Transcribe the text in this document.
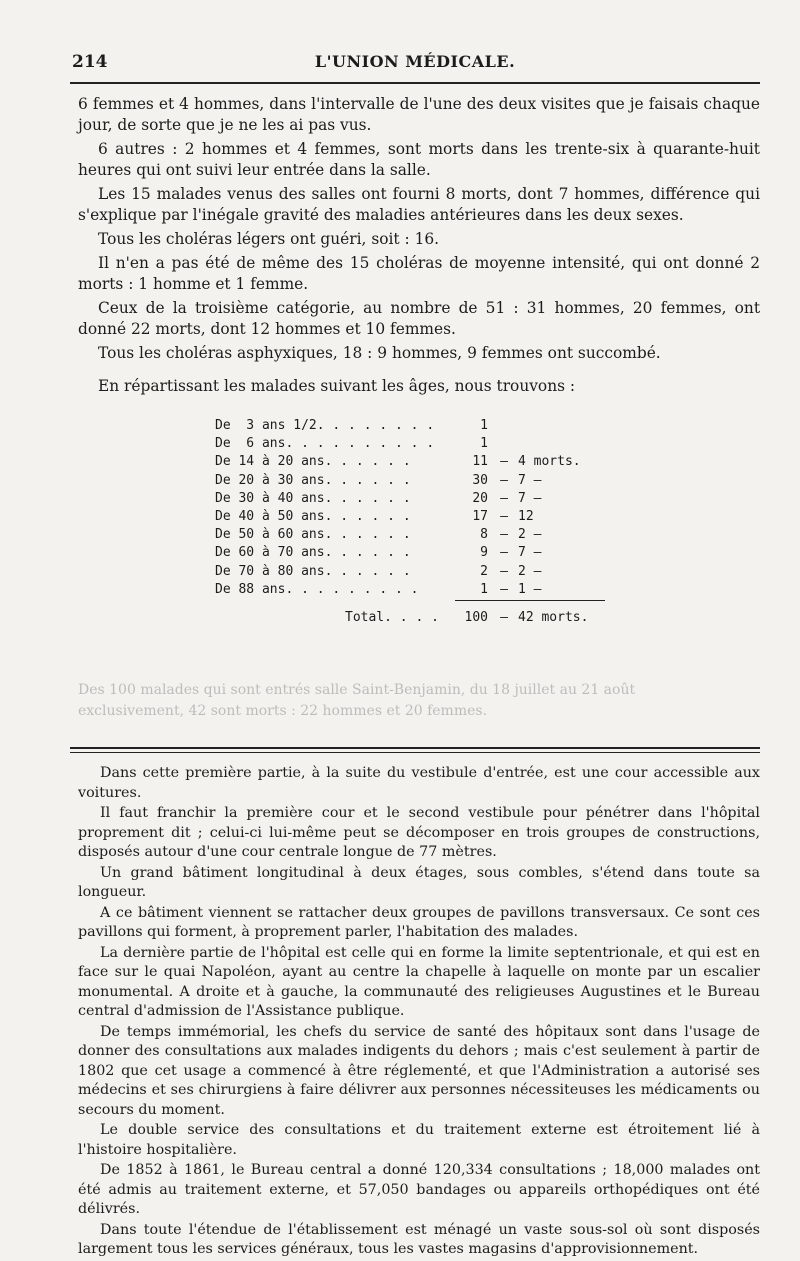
214	L'UNION MÉDICALE.

6 femmes et 4 hommes, dans l'intervalle de l'une des deux visites que je faisais chaque jour, de sorte que je ne les ai pas vus.

6 autres : 2 hommes et 4 femmes, sont morts dans les trente-six à quarante-huit heures qui ont suivi leur entrée dans la salle.

Les 15 malades venus des salles ont fourni 8 morts, dont 7 hommes, différence qui s'explique par l'inégale gravité des maladies antérieures dans les deux sexes.

Tous les choléras légers ont guéri, soit : 16.

Il n'en a pas été de même des 15 choléras de moyenne intensité, qui ont donné 2 morts : 1 homme et 1 femme.

Ceux de la troisième catégorie, au nombre de 51 : 31 hommes, 20 femmes, ont donné 22 morts, dont 12 hommes et 10 femmes.

Tous les choléras asphyxiques, 18 : 9 hommes, 9 femmes ont succombé.

En répartissant les malades suivant les âges, nous trouvons :
De  3 ans 1/2. . . . . . . .	1
De  6 ans. . . . . . . . . .	1
De 14 à 20 ans. . . . . .	11 — 4 morts.
De 20 à 30 ans. . . . . .	30 — 7 —
De 30 à 40 ans. . . . . .	20 — 7 —
De 40 à 50 ans. . . . . .	17 — 12
De 50 à 60 ans. . . . . .	8 — 2 —
De 60 à 70 ans. . . . . .	9 — 7 —
De 70 à 80 ans. . . . . .	2 — 2 —
De 88 ans. . . . . . . . .	1 — 1 —
Total. . . .	100 — 42 morts.

Des 100 malades qui sont entrés salle Saint-Benjamin, du 18 juillet au 21 août

exclusivement, 42 sont morts : 22 hommes et 20 femmes.

Dans cette première partie, à la suite du vestibule d'entrée, est une cour accessible aux voitures.

Il faut franchir la première cour et le second vestibule pour pénétrer dans l'hôpital proprement dit ; celui-ci lui-même peut se décomposer en trois groupes de constructions, disposés autour d'une cour centrale longue de 77 mètres.

Un grand bâtiment longitudinal à deux étages, sous combles, s'étend dans toute sa longueur.

A ce bâtiment viennent se rattacher deux groupes de pavillons transversaux. Ce sont ces pavillons qui forment, à proprement parler, l'habitation des malades.

La dernière partie de l'hôpital est celle qui en forme la limite septentrionale, et qui est en face sur le quai Napoléon, ayant au centre la chapelle à laquelle on monte par un escalier monumental. A droite et à gauche, la communauté des religieuses Augustines et le Bureau central d'admission de l'Assistance publique.

De temps immémorial, les chefs du service de santé des hôpitaux sont dans l'usage de donner des consultations aux malades indigents du dehors ; mais c'est seulement à partir de 1802 que cet usage a commencé à être réglementé, et que l'Administration a autorisé ses médecins et ses chirurgiens à faire délivrer aux personnes nécessiteuses les médicaments ou secours du moment.

Le double service des consultations et du traitement externe est étroitement lié à l'histoire hospitalière.

De 1852 à 1861, le Bureau central a donné 120,334 consultations ; 18,000 malades ont été admis au traitement externe, et 57,050 bandages ou appareils orthopédiques ont été délivrés.

Dans toute l'étendue de l'établissement est ménagé un vaste sous-sol où sont disposés largement tous les services généraux, tous les vastes magasins d'approvisionnement.
